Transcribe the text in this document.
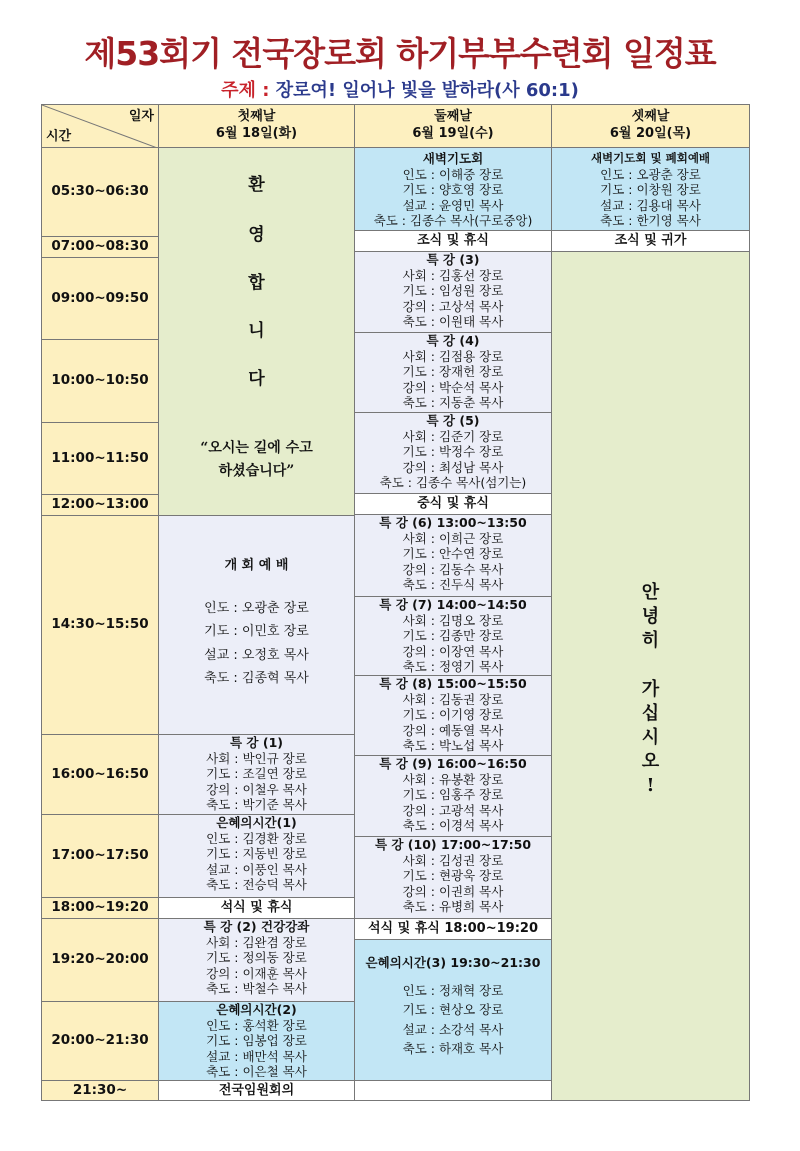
제53회기 전국장로회 하기부부수련회 일정표
주제 : 장로여! 일어나 빛을 발하라(사 60:1)
일자
시간
첫째날
6월 18일(화)
둘째날
6월 19일(수)
셋째날
6월 20일(목)
05:30~06:30
07:00~08:30
09:00~09:50
10:00~10:50
11:00~11:50
12:00~13:00
14:30~15:50
16:00~16:50
17:00~17:50
18:00~19:20
19:20~20:00
20:00~21:30
21:30~
환
영
합
니
다
“오시는 길에 수고
하셨습니다”
개 회 예 배
인도 : 오광춘 장로
기도 : 이민호 장로
설교 : 오정호 목사
축도 : 김종혁 목사
특 강 (1)
사회 : 박인규 장로
기도 : 조길연 장로
강의 : 이철우 목사
축도 : 박기준 목사
은혜의시간(1)
인도 : 김경환 장로
기도 : 지동빈 장로
설교 : 이풍인 목사
축도 : 전승덕 목사
석식 및 휴식
특 강 (2) 건강강좌
사회 : 김완겸 장로
기도 : 정의동 장로
강의 : 이재훈 목사
축도 : 박철수 목사
은혜의시간(2)
인도 : 홍석환 장로
기도 : 임봉업 장로
설교 : 배만석 목사
축도 : 이은철 목사
전국임원회의
새벽기도회
인도 : 이해중 장로
기도 : 양호영 장로
설교 : 윤영민 목사
축도 : 김종수 목사(구로중앙)
조식 및 휴식
특 강 (3)
사회 : 김홍선 장로
기도 : 임성원 장로
강의 : 고상석 목사
축도 : 이원태 목사
특 강 (4)
사회 : 김점용 장로
기도 : 장재헌 장로
강의 : 박순석 목사
축도 : 지동춘 목사
특 강 (5)
사회 : 김준기 장로
기도 : 박정수 장로
강의 : 최성남 목사
축도 : 김종수 목사(섬기는)
중식 및 휴식
특 강 (6) 13:00~13:50
사회 : 이희근 장로
기도 : 안수연 장로
강의 : 김동수 목사
축도 : 진두식 목사
특 강 (7) 14:00~14:50
사회 : 김명오 장로
기도 : 김종만 장로
강의 : 이장연 목사
축도 : 정영기 목사
특 강 (8) 15:00~15:50
사회 : 김동권 장로
기도 : 이기영 장로
강의 : 예동열 목사
축도 : 박노섭 목사
특 강 (9) 16:00~16:50
사회 : 유봉환 장로
기도 : 임홍주 장로
강의 : 고광석 목사
축도 : 이경석 목사
특 강 (10) 17:00~17:50
사회 : 김성권 장로
기도 : 현광욱 장로
강의 : 이권희 목사
축도 : 유병희 목사
석식 및 휴식 18:00~19:20
은혜의시간(3) 19:30~21:30
인도 : 정채혁 장로
기도 : 현상오 장로
설교 : 소강석 목사
축도 : 하재호 목사
새벽기도회 및 폐회예배
인도 : 오광춘 장로
기도 : 이창원 장로
설교 : 김용대 목사
축도 : 한기영 목사
조식 및 귀가
안
녕
히
가
십
시
오
!
